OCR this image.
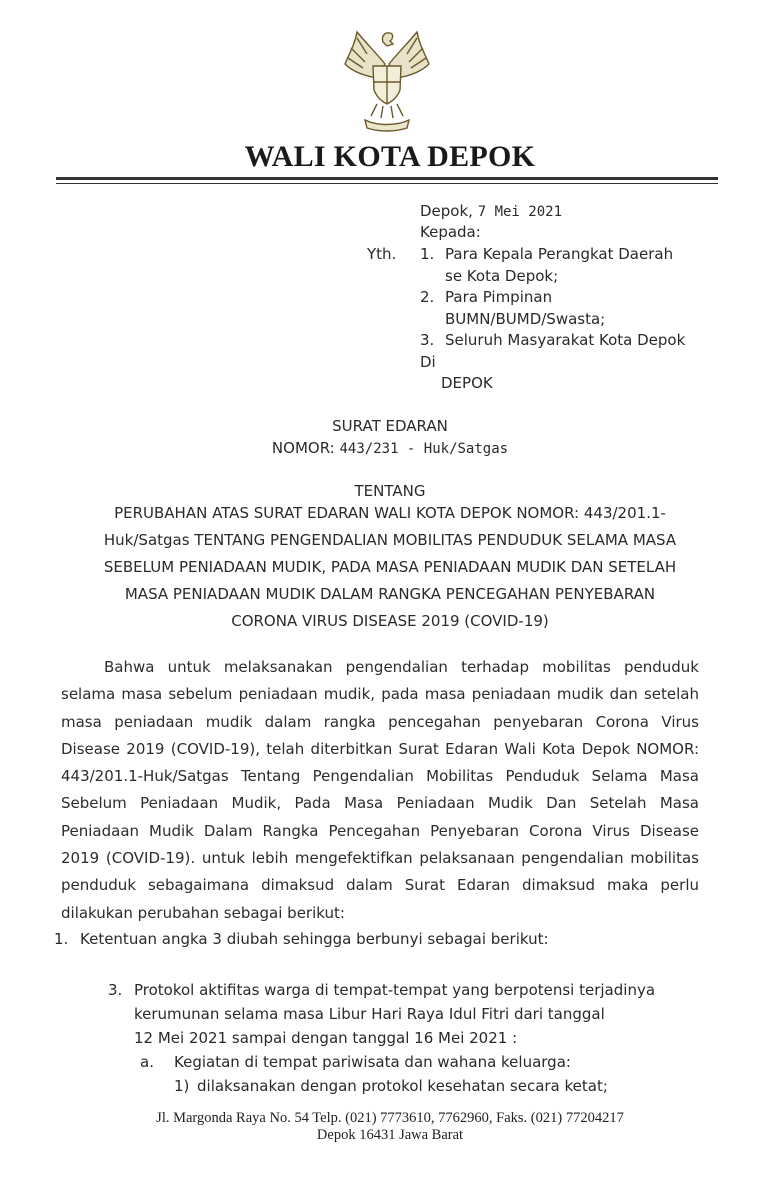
WALI KOTA DEPOK
Depok, 7 Mei 2021
Kepada:
Yth. 1. Para Kepala Perangkat Daerah
se Kota Depok;
2. Para Pimpinan
BUMN/BUMD/Swasta;
3. Seluruh Masyarakat Kota Depok
Di
DEPOK
SURAT EDARAN
NOMOR: 443/231 - Huk/Satgas
TENTANG
PERUBAHAN ATAS SURAT EDARAN WALI KOTA DEPOK NOMOR: 443/201.1-
Huk/Satgas TENTANG PENGENDALIAN MOBILITAS PENDUDUK SELAMA MASA
SEBELUM PENIADAAN MUDIK, PADA MASA PENIADAAN MUDIK DAN SETELAH
MASA PENIADAAN MUDIK DALAM RANGKA PENCEGAHAN PENYEBARAN
CORONA VIRUS DISEASE 2019 (COVID-19)
Bahwa untuk melaksanakan pengendalian terhadap mobilitas penduduk selama masa sebelum peniadaan mudik, pada masa peniadaan mudik dan setelah masa peniadaan mudik dalam rangka pencegahan penyebaran Corona Virus Disease 2019 (COVID-19), telah diterbitkan Surat Edaran Wali Kota Depok NOMOR: 443/201.1-Huk/Satgas Tentang Pengendalian Mobilitas Penduduk Selama Masa Sebelum Peniadaan Mudik, Pada Masa Peniadaan Mudik Dan Setelah Masa Peniadaan Mudik Dalam Rangka Pencegahan Penyebaran Corona Virus Disease 2019 (COVID-19). untuk lebih mengefektifkan pelaksanaan pengendalian mobilitas penduduk sebagaimana dimaksud dalam Surat Edaran dimaksud maka perlu dilakukan perubahan sebagai berikut:
1. Ketentuan angka 3 diubah sehingga berbunyi sebagai berikut:
3. Protokol aktifitas warga di tempat-tempat yang berpotensi terjadinya
kerumunan selama masa Libur Hari Raya Idul Fitri dari tanggal
12 Mei 2021 sampai dengan tanggal 16 Mei 2021 :
a. Kegiatan di tempat pariwisata dan wahana keluarga:
1) dilaksanakan dengan protokol kesehatan secara ketat;
Jl. Margonda Raya No. 54 Telp. (021) 7773610, 7762960, Faks. (021) 77204217
Depok 16431 Jawa Barat
